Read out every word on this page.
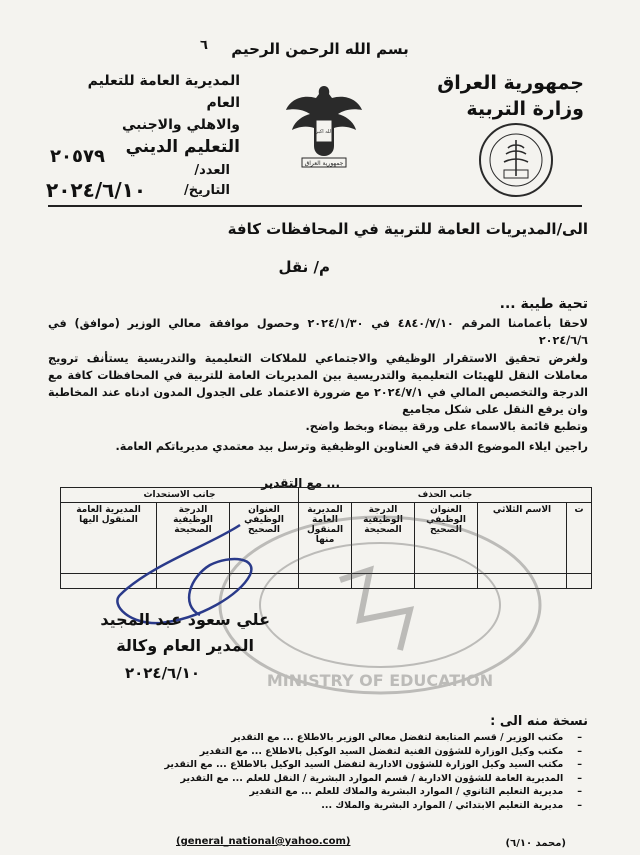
٦	بسم الله الرحمن الرحيم
جمهورية العراق
وزارة التربية
المديرية العامة للتعليم العام
والاهلي والاجنبي
التعليم الديني
الله اكبر
جمهورية العراق
٢٠٥٧٩
العدد/
التاريخ/
٢٠٢٤/٦/١٠
الى/المديريات العامة للتربية في المحافظات كافة
م/ نقل
تحية طيبة ...
لاحقا بأعمامنا المرقم ٤٨٤٠/٧/١٠ في ٢٠٢٤/١/٣٠ وحصول موافقة معالي الوزير (موافق) في ٢٠٢٤/٦/٦
ولغرض تحقيق الاستقرار الوظيفي والاجتماعي للملاكات التعليمية والتدريسية يستأنف ترويج معاملات النقل للهيئات التعليمية والتدريسية بين المديريات العامة للتربية في المحافظات كافة مع الدرجة والتخصيص المالي في ٢٠٢٤/٧/١ مع ضرورة الاعتماد على الجدول المدون ادناه عند المخاطبة وان يرفع النقل على شكل مجاميع
وتطبع قائمة بالاسماء على ورقة بيضاء وبخط واضح.
راجين ايلاء الموضوع الدقة في العناوين الوظيفية وترسل بيد معتمدي مديرياتكم العامة.
... مع التقدير
جانب الحذف					جانب الاستحداث		
ت	الاسم الثلاثي	العنوان الوظيفي الصحيح	الدرجة الوظيفية الصحيحة	المديرية العامة المنقول منها	العنوان الوظيفي الصحيح	الدرجة الوظيفية الصحيحة	المديرية العامة المنقول اليها

MINISTRY OF EDUCATION
علي سعود عبد المجيد
المدير العام وكالة
٢٠٢٤/٦/١٠
نسخة منه الى :
– مكتب الوزير / قسم المتابعة لتفضل معالي الوزير بالاطلاع ... مع التقدير
– مكتب وكيل الوزارة للشؤون الفنية لتفضل السيد الوكيل بالاطلاع ... مع التقدير
– مكتب السيد وكيل الوزارة للشؤون الادارية لتفضل السيد الوكيل بالاطلاع ... مع التقدير
– المديرية العامة للشؤون الادارية / قسم الموارد البشرية / النقل للعلم ... مع التقدير
– مديرية التعليم الثانوي / الموارد البشرية والملاك للعلم ... مع التقدير
– مديرية التعليم الابتدائي / الموارد البشرية والملاك ...
(general_national@yahoo.com)	(محمد ٦/١٠)
